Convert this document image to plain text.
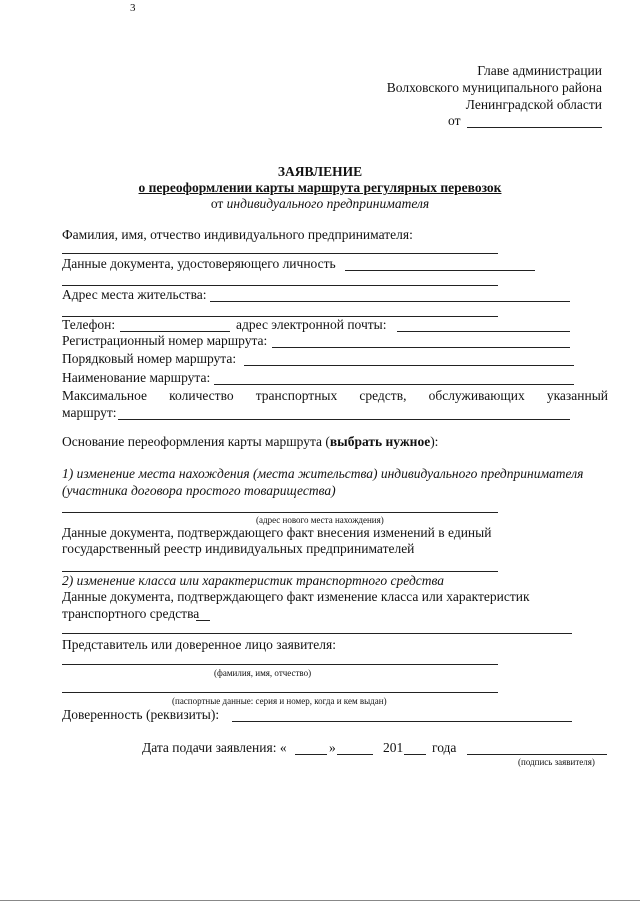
3
Главе администрации
Волховского муниципального района
Ленинградской области
от
ЗАЯВЛЕНИЕ
о переоформлении карты маршрута регулярных перевозок
от индивидуального предпринимателя
Фамилия, имя, отчество индивидуального предпринимателя:
Данные документа, удостоверяющего личность
Адрес места жительства:
Телефон:	адрес электронной почты:
Регистрационный номер маршрута:
Порядковый номер маршрута:
Наименование маршрута:
Максимальное количество транспортных средств, обслуживающих указанный
маршрут:
Основание переоформления карты маршрута (выбрать нужное):
1) изменение места нахождения (места жительства) индивидуального предпринимателя
(участника договора простого товарищества)
(адрес нового места нахождения)
Данные документа, подтверждающего факт внесения изменений в единый
государственный реестр индивидуальных предпринимателей
2) изменение класса или характеристик транспортного средства
Данные документа, подтверждающего факт изменение класса или характеристик
транспортного средства
Представитель или доверенное лицо заявителя:
(фамилия, имя, отчество)
(паспортные данные: серия и номер, когда и кем выдан)
Доверенность (реквизиты):
Дата подачи заявления: «	»	201 года
(подпись заявителя)
